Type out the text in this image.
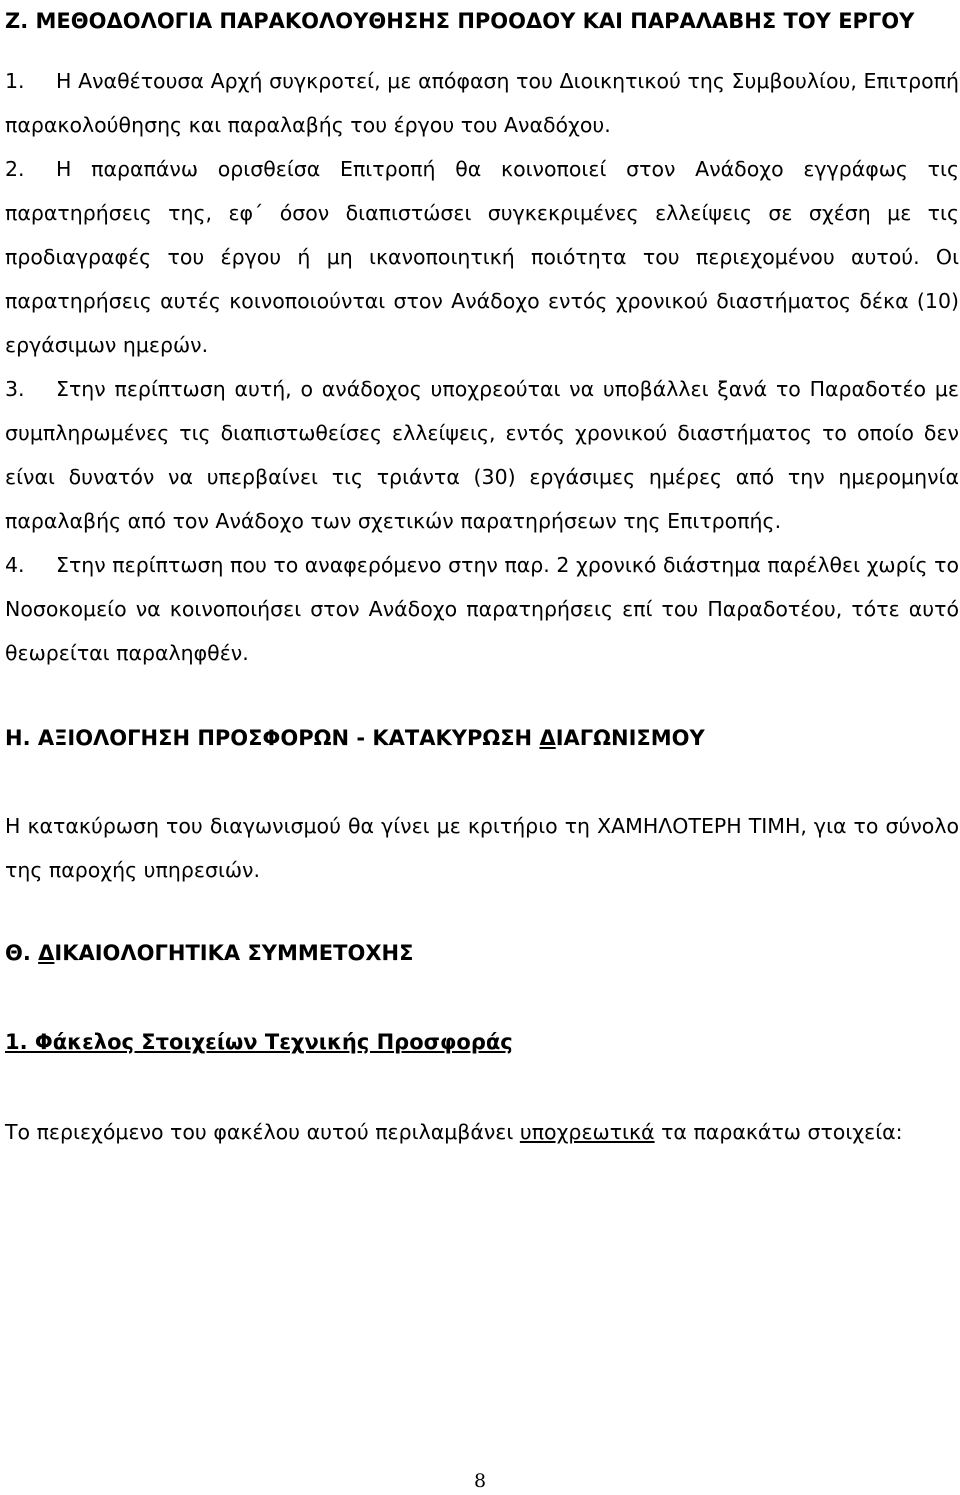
Ζ. ΜΕΘΟΔΟΛΟΓΙΑ ΠΑΡΑΚΟΛΟΥΘΗΣΗΣ ΠΡΟΟΔΟΥ ΚΑΙ ΠΑΡΑΛΑΒΗΣ ΤΟΥ ΕΡΓΟΥ

1. Η Αναθέτουσα Αρχή συγκροτεί, με απόφαση του Διοικητικού της Συμβουλίου, Επιτροπή παρακολούθησης και παραλαβής του έργου του Αναδόχου.

2. Η παραπάνω ορισθείσα Επιτροπή θα κοινοποιεί στον Ανάδοχο εγγράφως τις παρατηρήσεις της, εφ΄ όσον διαπιστώσει συγκεκριμένες ελλείψεις σε σχέση με τις προδιαγραφές του έργου ή μη ικανοποιητική ποιότητα του περιεχομένου αυτού. Οι παρατηρήσεις αυτές κοινοποιούνται στον Ανάδοχο εντός χρονικού διαστήματος δέκα (10) εργάσιμων ημερών.

3. Στην περίπτωση αυτή, ο ανάδοχος υποχρεούται να υποβάλλει ξανά το Παραδοτέο με συμπληρωμένες τις διαπιστωθείσες ελλείψεις, εντός χρονικού διαστήματος το οποίο δεν είναι δυνατόν να υπερβαίνει τις τριάντα (30) εργάσιμες ημέρες από την ημερομηνία παραλαβής από τον Ανάδοχο των σχετικών παρατηρήσεων της Επιτροπής.

4. Στην περίπτωση που το αναφερόμενο στην παρ. 2 χρονικό διάστημα παρέλθει χωρίς το Νοσοκομείο να κοινοποιήσει στον Ανάδοχο παρατηρήσεις επί του Παραδοτέου, τότε αυτό θεωρείται παραληφθέν.

Η. ΑΞΙΟΛΟΓΗΣΗ ΠΡΟΣΦΟΡΩΝ - ΚΑΤΑΚΥΡΩΣΗ ΔΙΑΓΩΝΙΣΜΟΥ

Η κατακύρωση του διαγωνισμού θα γίνει με κριτήριο τη ΧΑΜΗΛΟΤΕΡΗ ΤΙΜΗ, για το σύνολο της παροχής υπηρεσιών.

Θ. ΔΙΚΑΙΟΛΟΓΗΤΙΚΑ ΣΥΜΜΕΤΟΧΗΣ
1. Φάκελος Στοιχείων Τεχνικής Προσφοράς

Το περιεχόμενο του φακέλου αυτού περιλαμβάνει υποχρεωτικά τα παρακάτω στοιχεία:

8
